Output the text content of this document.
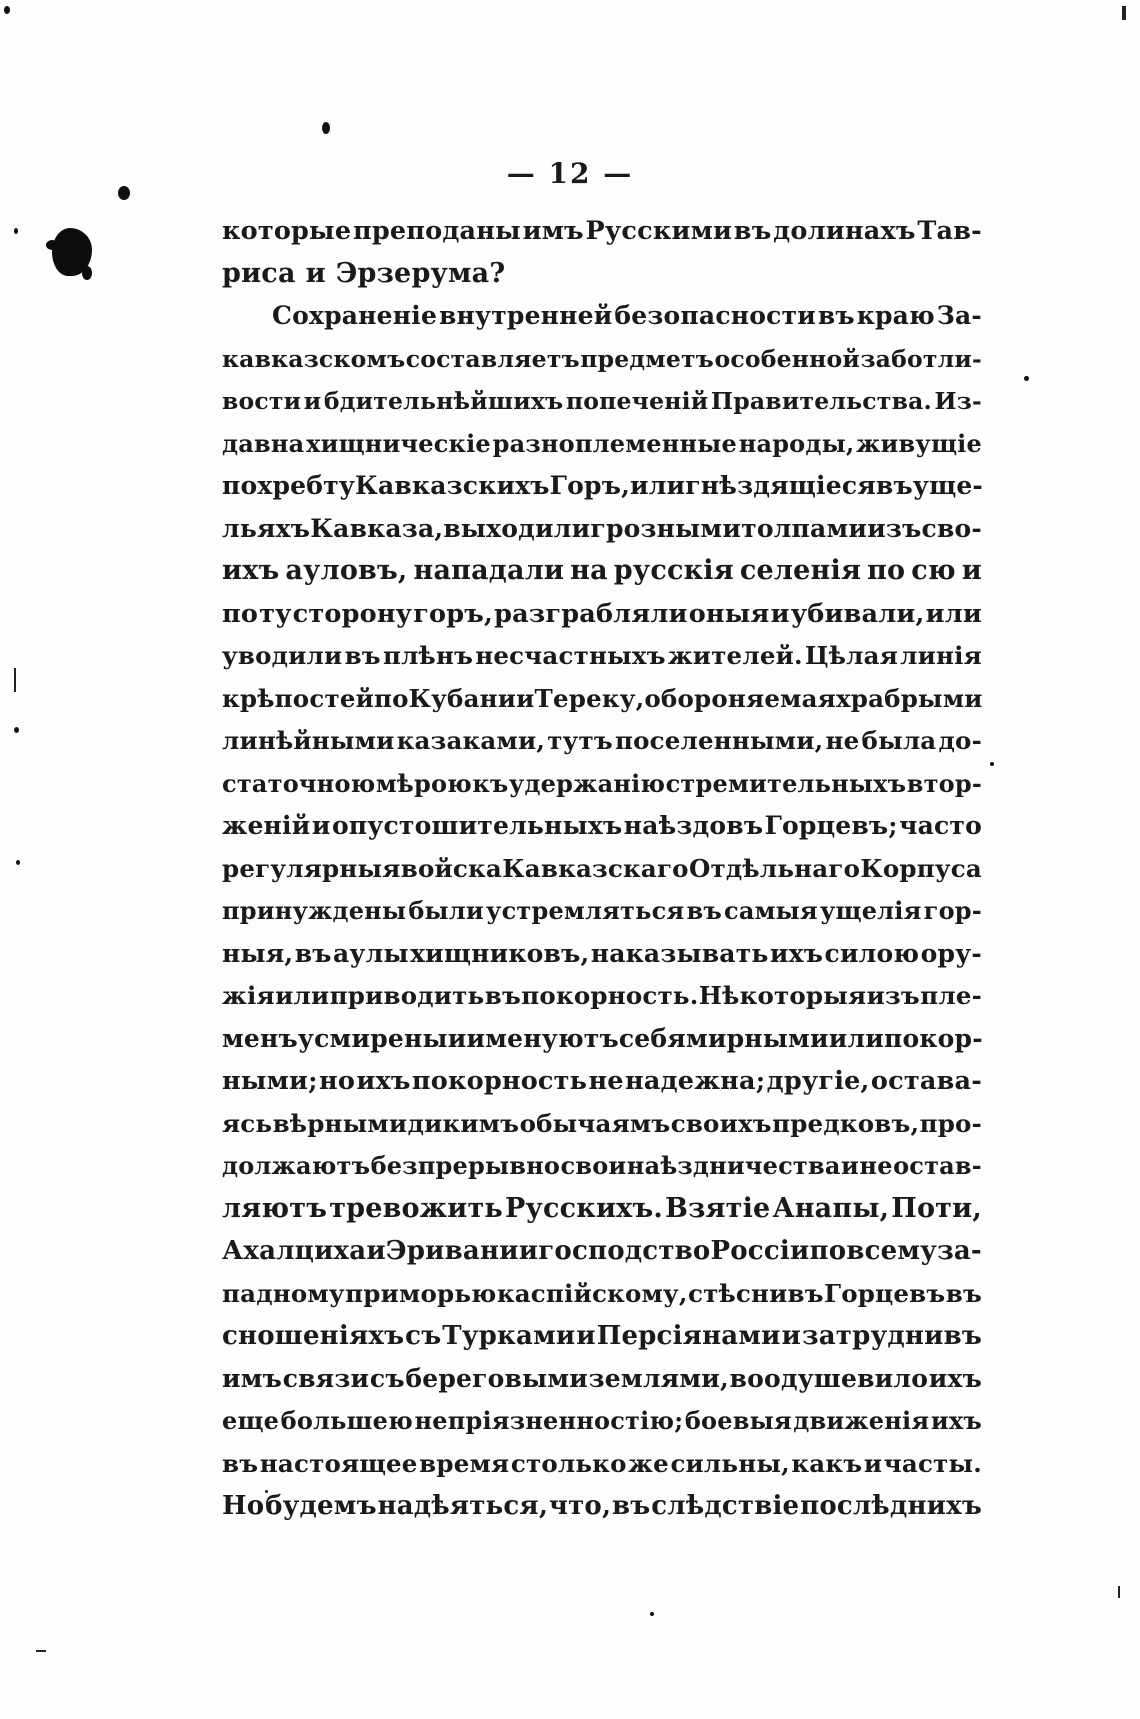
— 12 —
которые преподаны имъ Русскими въ долинахъ Тав-
риса и Эрзерума?
Сохраненіе внутренней безопасности въ краю За-
кавказскомъ составляетъ предметъ особенной заботли-
вости и бдительнѣйшихъ попеченій Правительства. Из-
давна хищническіе разноплеменные народы, живущіе
по хребту Кавказскихъ Горъ, или гнѣздящіеся въ уще-
льяхъ Кавказа, выходили грозными толпами изъ сво-
ихъ ауловъ, нападали на русскія селенія по сю и
по ту сторону горъ, разграбляли оныя и убивали, или
уводили въ плѣнъ несчастныхъ жителей. Цѣлая линія
крѣпостей по Кубани и Тереку, обороняемая храбрыми
линѣйными казаками, тутъ поселенными, не была до-
статочною мѣрою къ удержанію стремительныхъ втор-
женій и опустошительныхъ наѣздовъ Горцевъ; часто
регулярныя войска Кавказскаго Отдѣльнаго Корпуса
принуждены были устремляться въ самыя ущелія гор-
ныя, въ аулы хищниковъ, наказывать ихъ силою ору-
жія или приводить въ покорность. Нѣкоторыя изъ пле-
менъ усмирены и именуютъ себя мирными или покор-
ными; но ихъ покорность не надежна; другіе, остава-
ясь вѣрными дикимъ обычаямъ своихъ предковъ, про-
должаютъ безпрерывно свои наѣздничества и не остав-
ляютъ тревожить Русскихъ. Взятіе Анапы, Поти,
Ахалциха и Эривани и господство Россіи по всему за-
падному приморью каспійскому, стѣснивъ Горцевъ въ
сношеніяхъ съ Турками и Персіянами и затруднивъ
имъ связи съ береговыми землями, воодушевило ихъ
еще большею непріязненностію; боевыя движенія ихъ
въ настоящее время столько же сильны, какъ и часты.
Но будемъ надѣяться, что, въ слѣдствіе послѣднихъ
